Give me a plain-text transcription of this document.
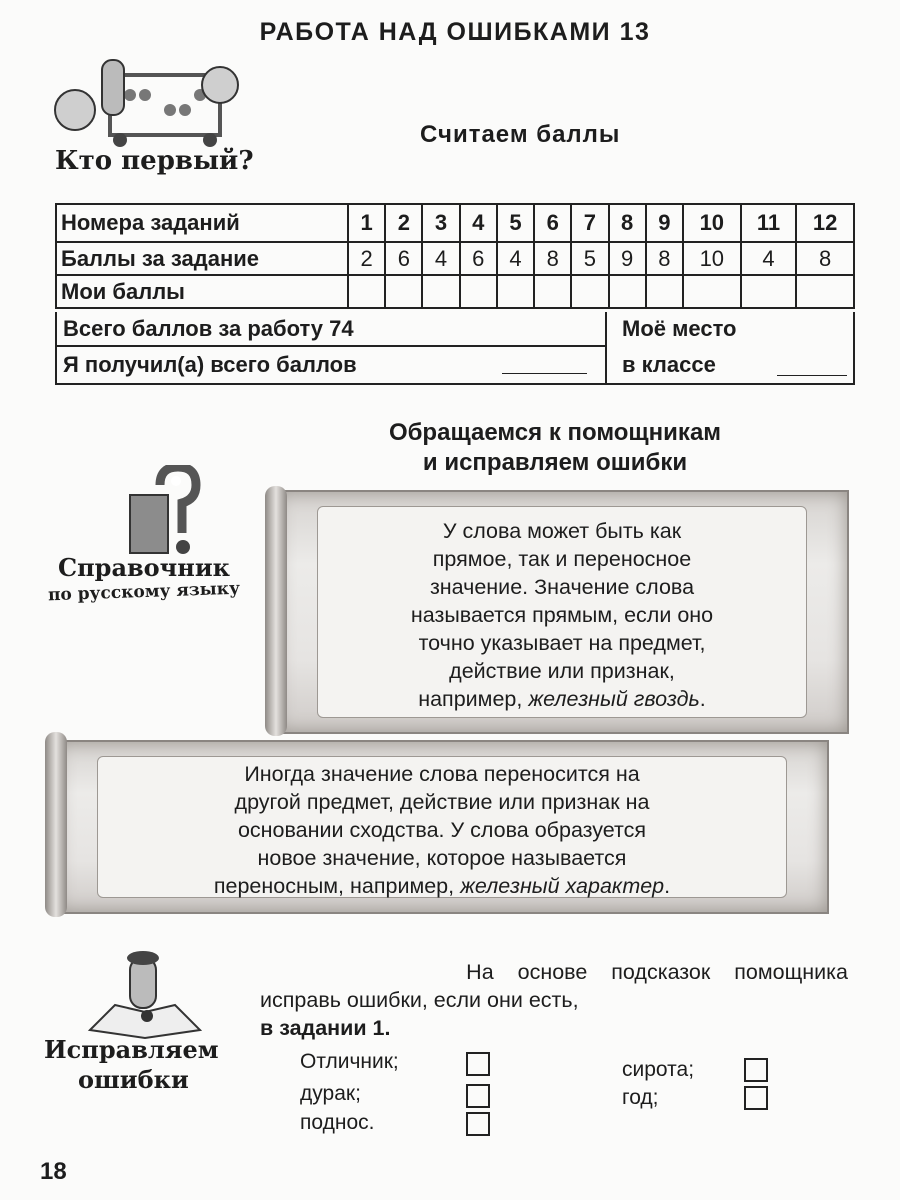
РАБОТА НАД ОШИБКАМИ 13
Кто первый?
Считаем баллы
Номера заданий	1	2	3	4	5	6	7	8	9	10	11	12
Баллы за задание	2	6	4	6	4	8	5	9	8	10	4	8
Мои баллы												
Всего баллов за работу 74
Я получил(а) всего баллов
Моё место
в классе
Обращаемся к помощникам
и исправляем ошибки
Справочник
по русскому языку
У слова может быть как
прямое, так и переносное
значение. Значение слова
называется прямым, если оно
точно указывает на предмет,
действие или признак,
например, железный гвоздь.
Иногда значение слова переносится на
другой предмет, действие или признак на
основании сходства. У слова образуется
новое значение, которое называется
переносным, например, железный характер.
Исправляем
ошибки
На основе подсказок помощника
исправь ошибки, если они есть,
в задании 1.
Отличник;
дурак;
поднос.
сирота;
год;
18
